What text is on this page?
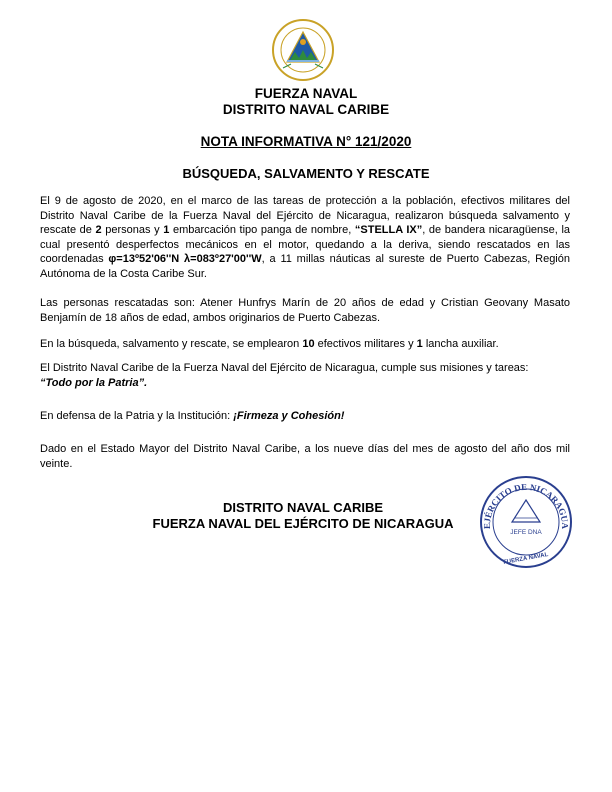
FUERZA NAVAL
DISTRITO NAVAL CARIBE
NOTA INFORMATIVA N° 121/2020
BÚSQUEDA, SALVAMENTO Y RESCATE
El 9 de agosto de 2020, en el marco de las tareas de protección a la población, efectivos militares del Distrito Naval Caribe de la Fuerza Naval del Ejército de Nicaragua, realizaron búsqueda salvamento y rescate de 2 personas y 1 embarcación tipo panga de nombre, “STELLA IX”, de bandera nicaragüense, la cual presentó desperfectos mecánicos en el motor, quedando a la deriva, siendo rescatados en las coordenadas φ=13º52'06''N λ=083º27'00''W, a 11 millas náuticas al sureste de Puerto Cabezas, Región Autónoma de la Costa Caribe Sur.
Las personas rescatadas son: Atener Hunfrys Marín de 20 años de edad y Cristian Geovany Masato Benjamín de 18 años de edad, ambos originarios de Puerto Cabezas.
En la búsqueda, salvamento y rescate, se emplearon 10 efectivos militares y 1 lancha auxiliar.
El Distrito Naval Caribe de la Fuerza Naval del Ejército de Nicaragua, cumple sus misiones y tareas:
“Todo por la Patria”.
En defensa de la Patria y la Institución: ¡Firmeza y Cohesión!
Dado en el Estado Mayor del Distrito Naval Caribe, a los nueve días del mes de agosto del año dos mil veinte.
DISTRITO NAVAL CARIBE
FUERZA NAVAL DEL EJÉRCITO DE NICARAGUA	EJÉRCITO DE NICARAGUA
JEFE DNA
FUERZA NAVAL
